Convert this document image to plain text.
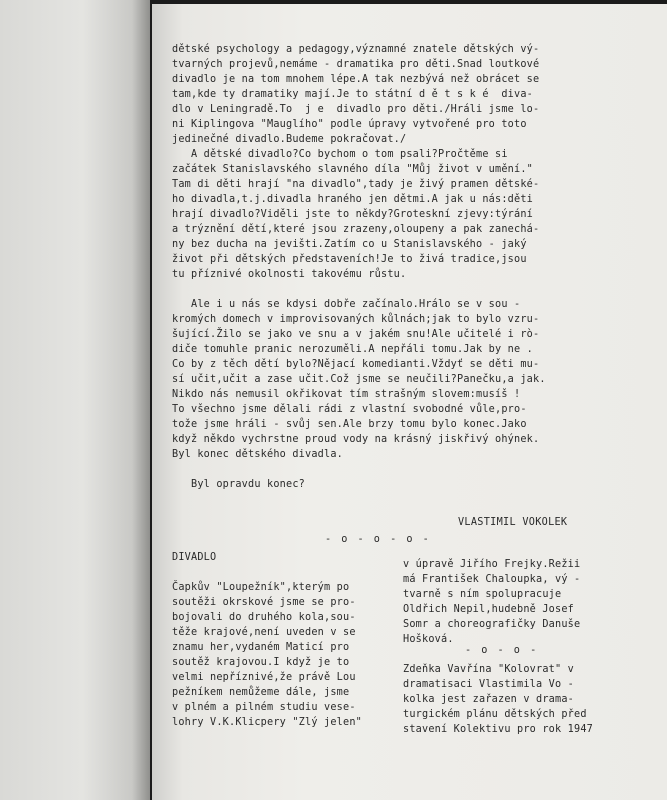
dětské psychology a pedagogy,významné znatele dětských vý-
tvarných projevů,nemáme - dramatika pro děti.Snad loutkové
divadlo je na tom mnohem lépe.A tak nezbývá než obrácet se
tam,kde ty dramatiky mají.Je to státní d ě t s k é  diva-
dlo v Leningradě.To  j e  divadlo pro děti./Hráli jsme lo-
ni Kiplingova "Mauglího" podle úpravy vytvořené pro toto
jedinečné divadlo.Budeme pokračovat./
A dětské divadlo?Co bychom o tom psali?Pročtěme si
začátek Stanislavského slavného díla "Můj život v umění."
Tam di děti hrají "na divadlo",tady je živý pramen dětské-
ho divadla,t.j.divadla hraného jen dětmi.A jak u nás:děti
hrají divadlo?Viděli jste to někdy?Groteskní zjevy:týrání
a trýznění dětí,které jsou zrazeny,oloupeny a pak zanechá-
ny bez ducha na jevišti.Zatím co u Stanislavského - jaký
život při dětských představeních!Je to živá tradice,jsou
tu příznivé okolnosti takovému růstu.

Ale i u nás se kdysi dobře začínalo.Hrálo se v sou -
kromých domech v improvisovaných kůlnách;jak to bylo vzru-
šující.Žilo se jako ve snu a v jakém snu!Ale učitelé i rò-
diče tomuhle pranic nerozuměli.A nepřáli tomu.Jak by ne .
Co by z těch dětí bylo?Nějací komedianti.Vždyť se děti mu-
sí učit,učit a zase učit.Což jsme se neučili?Panečku,a jak.
Nikdo nás nemusil okřikovat tím strašným slovem:musíš !
To všechno jsme dělali rádi z vlastní svobodné vůle,pro-
tože jsme hráli - svůj sen.Ale brzy tomu bylo konec.Jako
když někdo vychrstne proud vody na krásný jiskřivý ohýnek.
Byl konec dětského divadla.

Byl opravdu konec?
VLASTIMIL VOKOLEK
- o - o - o -
DIVADLO

Čapkův "Loupežník",kterým po
soutěži okrskové jsme se pro-
bojovali do druhého kola,sou-
těže krajové,není uveden v se
znamu her,vydaném Maticí pro
soutěž krajovou.I když je to
velmi nepříznivé,že právě Lou
pežníkem nemůžeme dále, jsme
v plném a pilném studiu vese-
lohry V.K.Klicpery "Zlý jelen"
v úpravě Jiřího Frejky.Režii
má František Chaloupka, vý -
tvarně s ním spolupracuje
Oldřich Nepil,hudebně Josef
Somr a choreografičky Danuše
Hošková.
- o - o -
Zdeňka Vavřína "Kolovrat" v
dramatisaci Vlastimila Vo -
kolka jest zařazen v drama-
turgickém plánu dětských před
stavení Kolektivu pro rok 1947
